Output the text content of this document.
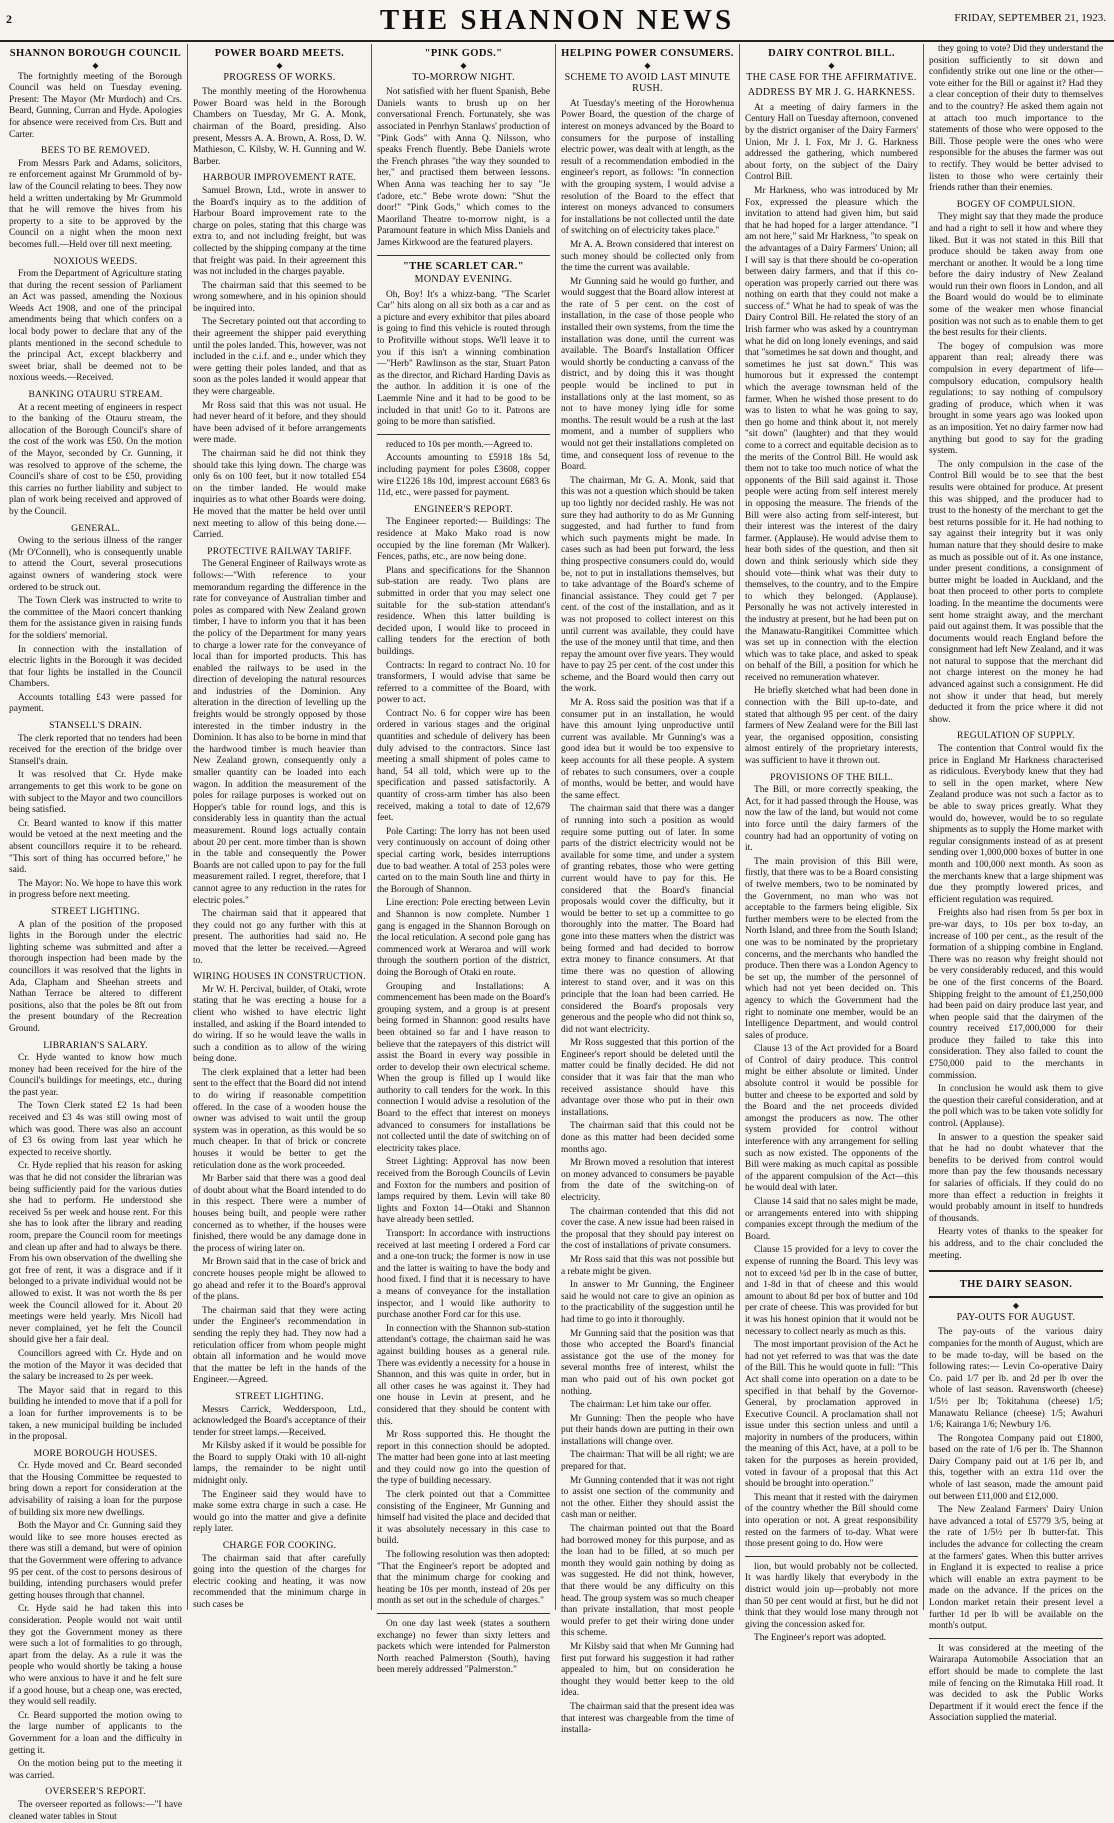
2	THE SHANNON NEWS	FRIDAY, SEPTEMBER 21, 1923.
SHANNON BOROUGH COUNCIL
◆

The fortnightly meeting of the Borough Council was held on Tuesday evening. Present: The Mayor (Mr Murdoch) and Crs. Beard, Gunning, Curran and Hyde. Apologies for absence were received from Crs. Butt and Carter.

BEES TO BE REMOVED.

From Messrs Park and Adams, solicitors, re enforcement against Mr Grummold of by-law of the Council relating to bees. They now held a written undertaking by Mr Grummold that he will remove the hives from his property to a site to be approved by the Council on a night when the moon next becomes full.—Held over till next meeting.

NOXIOUS WEEDS.

From the Department of Agriculture stating that during the recent session of Parliament an Act was passed, amending the Noxious Weeds Act 1908, and one of the principal amendments being that which confers on a local body power to declare that any of the plants mentioned in the second schedule to the principal Act, except blackberry and sweet briar, shall be deemed not to be noxious weeds.—Received.

BANKING OTAURU STREAM.

At a recent meeting of engineers in respect to the banking of the Otauru stream, the allocation of the Borough Council's share of the cost of the work was £50. On the motion of the Mayor, seconded by Cr. Gunning, it was resolved to approve of the scheme, the Council's share of cost to be £50, providing this carries no further liability and subject to plan of work being received and approved of by the Council.

GENERAL.

Owing to the serious illness of the ranger (Mr O'Connell), who is consequently unable to attend the Court, several prosecutions against owners of wandering stock were ordered to be struck out.

The Town Clerk was instructed to write to the committee of the Maori concert thanking them for the assistance given in raising funds for the soldiers' memorial.

In connection with the installation of electric lights in the Borough it was decided that four lights be installed in the Council Chambers.

Accounts totalling £43 were passed for payment.

STANSELL'S DRAIN.

The clerk reported that no tenders had been received for the erection of the bridge over Stansell's drain.

It was resolved that Cr. Hyde make arrangements to get this work to be gone on with subject to the Mayor and two councillors being satisfied.

Cr. Beard wanted to know if this matter would be vetoed at the next meeting and the absent councillors require it to be reheard. "This sort of thing has occurred before," he said.

The Mayor: No. We hope to have this work in progress before next meeting.

STREET LIGHTING.

A plan of the position of the proposed lights in the Borough under the electric lighting scheme was submitted and after a thorough inspection had been made by the councillors it was resolved that the lights in Ada, Clapham and Sheehan streets and Nathan Terrace be altered to different positions, also that the poles be 8ft out from the present boundary of the Recreation Ground.

LIBRARIAN'S SALARY.

Cr. Hyde wanted to know how much money had been received for the hire of the Council's buildings for meetings, etc., during the past year.

The Town Clerk stated £2 1s had been received and £3 4s was still owing most of which was good. There was also an account of £3 6s owing from last year which he expected to receive shortly.

Cr. Hyde replied that his reason for asking was that he did not consider the librarian was being sufficiently paid for the various duties she had to perform. He understood she received 5s per week and house rent. For this she has to look after the library and reading room, prepare the Council room for meetings and clean up after and had to always be there. From his own observation of the dwelling she got free of rent, it was a disgrace and if it belonged to a private individual would not be allowed to exist. It was not worth the 8s per week the Council allowed for it. About 20 meetings were held yearly. Mrs Nicoll had never complained, yet he felt the Council should give her a fair deal.

Councillors agreed with Cr. Hyde and on the motion of the Mayor it was decided that the salary be increased to 2s per week.

The Mayor said that in regard to this building he intended to move that if a poll for a loan for further improvements is to be taken, a new municipal building be included in the proposal.

MORE BOROUGH HOUSES.

Cr. Hyde moved and Cr. Beard seconded that the Housing Committee be requested to bring down a report for consideration at the advisability of raising a loan for the purpose of building six more new dwellings.

Both the Mayor and Cr. Gunning said they would like to see more houses erected as there was still a demand, but were of opinion that the Government were offering to advance 95 per cent. of the cost to persons desirous of building, intending purchasers would prefer getting houses through that channel.

Cr. Hyde said he had taken this into consideration. People would not wait until they got the Government money as there were such a lot of formalities to go through, apart from the delay. As a rule it was the people who would shortly be taking a house who were anxious to have it and he felt sure if a good house, but a cheap one, was erected, they would sell readily.

Cr. Beard supported the motion owing to the large number of applicants to the Government for a loan and the difficulty in getting it.

On the motion being put to the meeting it was carried.

OVERSEER'S REPORT.

The overseer reported as follows:—"I have cleaned water tables in Stout

POWER BOARD MEETS.
◆
PROGRESS OF WORKS.

The monthly meeting of the Horowhenua Power Board was held in the Borough Chambers on Tuesday, Mr G. A. Monk, chairman of the Board, presiding. Also present, Messrs A. A. Brown, A. Ross, D. W. Mathieson, C. Kilsby, W. H. Gunning and W. Barber.

HARBOUR IMPROVEMENT RATE.

Samuel Brown, Ltd., wrote in answer to the Board's inquiry as to the addition of Harbour Board improvement rate to the charge on poles, stating that this charge was extra to, and not including freight, but was collected by the shipping company at the time that freight was paid. In their agreement this was not included in the charges payable.

The chairman said that this seemed to be wrong somewhere, and in his opinion should be inquired into.

The Secretary pointed out that according to their agreement the shipper paid everything until the poles landed. This, however, was not included in the c.i.f. and e., under which they were getting their poles landed, and that as soon as the poles landed it would appear that they were chargeable.

Mr Ross said that this was not usual. He had never heard of it before, and they should have been advised of it before arrangements were made.

The chairman said he did not think they should take this lying down. The charge was only 6s on 100 feet, but it now totalled £54 on the timber landed. He would make inquiries as to what other Boards were doing. He moved that the matter be held over until next meeting to allow of this being done.—Carried.

PROTECTIVE RAILWAY TARIFF.

The General Engineer of Railways wrote as follows:—"With reference to your memorandum regarding the difference in the rate for conveyance of Australian timber and poles as compared with New Zealand grown timber, I have to inform you that it has been the policy of the Department for many years to charge a lower rate for the conveyance of local than for imported products. This has enabled the railways to be used in the direction of developing the natural resources and industries of the Dominion. Any alteration in the direction of levelling up the freights would be strongly opposed by those interested in the timber industry in the Dominion. It has also to be borne in mind that the hardwood timber is much heavier than New Zealand grown, consequently only a smaller quantity can be loaded into each wagon. In addition the measurement of the poles for railage purposes is worked out on Hopper's table for round logs, and this is considerably less in quantity than the actual measurement. Round logs actually contain about 20 per cent. more timber than is shown in the table and consequently the Power Boards are not called upon to pay for the full measurement railed. I regret, therefore, that I cannot agree to any reduction in the rates for electric poles."

The chairman said that it appeared that they could not go any further with this at present. The authorities had said no. He moved that the letter be received.—Agreed to.

WIRING HOUSES IN CONSTRUCTION.

Mr W. H. Percival, builder, of Otaki, wrote stating that he was erecting a house for a client who wished to have electric light installed, and asking if the Board intended to do wiring. If so he would leave the walls in such a condition as to allow of the wiring being done.

The clerk explained that a letter had been sent to the effect that the Board did not intend to do wiring if reasonable competition offered. In the case of a wooden house the owner was advised to wait until the group system was in operation, as this would be so much cheaper. In that of brick or concrete houses it would be better to get the reticulation done as the work proceeded.

Mr Barber said that there was a good deal of doubt about what the Board intended to do in this respect. There were a number of houses being built, and people were rather concerned as to whether, if the houses were finished, there would be any damage done in the process of wiring later on.

Mr Brown said that in the case of brick and concrete houses people might be allowed to go ahead and refer it to the Board's approval of the plans.

The chairman said that they were acting under the Engineer's recommendation in sending the reply they had. They now had a reticulation officer from whom people might obtain all information and he would move that the matter be left in the hands of the Engineer.—Agreed.

STREET LIGHTING.

Messrs Carrick, Wedderspoon, Ltd., acknowledged the Board's acceptance of their tender for street lamps.—Received.

Mr Kilsby asked if it would be possible for the Board to supply Otaki with 10 all-night lamps, the remainder to be night until midnight only.

The Engineer said they would have to make some extra charge in such a case. He would go into the matter and give a definite reply later.

CHARGE FOR COOKING.

The chairman said that after carefully going into the question of the charges for electric cooking and heating, it was now recommended that the minimum charge in such cases be

"PINK GODS."
◆
TO-MORROW NIGHT.

Not satisfied with her fluent Spanish, Bebe Daniels wants to brush up on her conversational French. Fortunately, she was associated in Penrhyn Stanlaws' production of "Pink Gods" with Anna Q. Nilsson, who speaks French fluently. Bebe Daniels wrote the French phrases "the way they sounded to her," and practised them between lessons. When Anna was teaching her to say "Je t'adore, etc." Bebe wrote down: "Shut the door!" "Pink Gods," which comes to the Maoriland Theatre to-morrow night, is a Paramount feature in which Miss Daniels and James Kirkwood are the featured players.

"THE SCARLET CAR."
MONDAY EVENING.

Oh, Boy! It's a whizz-bang. "The Scarlet Car" hits along on all six both as a car and as a picture and every exhibitor that piles aboard is going to find this vehicle is routed through to Profitville without stops. We'll leave it to you if this isn't a winning combination—"Herb" Rawlinson as the star, Stuart Paton as the director, and Richard Harding Davis as the author. In addition it is one of the Laemmle Nine and it had to be good to be included in that unit! Go to it. Patrons are going to be more than satisfied.

reduced to 10s per month.—Agreed to.

Accounts amounting to £5918 18s 5d, including payment for poles £3608, copper wire £1226 18s 10d, imprest account £683 6s 11d, etc., were passed for payment.

ENGINEER'S REPORT.

The Engineer reported:— Buildings: The residence at Mako Mako road is now occupied by the line foreman (Mr Walker). Fences, paths, etc., are now being done.

Plans and specifications for the Shannon sub-station are ready. Two plans are submitted in order that you may select one suitable for the sub-station attendant's residence. When this latter building is decided upon, I would like to proceed in calling tenders for the erection of both buildings.

Contracts: In regard to contract No. 10 for transformers, I would advise that same be referred to a committee of the Board, with power to act.

Contract No. 6 for copper wire has been ordered in various stages and the original quantities and schedule of delivery has been duly advised to the contractors. Since last meeting a small shipment of poles came to hand, 54 all told, which were up to the specification and passed satisfactorily. A quantity of cross-arm timber has also been received, making a total to date of 12,679 feet.

Pole Carting: The lorry has not been used very continuously on account of doing other special carting work, besides interruptions due to bad weather. A total of 253 poles were carted on to the main South line and thirty in the Borough of Shannon.

Line erection: Pole erecting between Levin and Shannon is now complete. Number 1 gang is engaged in the Shannon Borough on the local reticulation. A second pole gang has commenced work at Weraroa and will work through the southern portion of the district, doing the Borough of Otaki en route.

Grouping and Installations: A commencement has been made on the Board's grouping system, and a group is at present being formed in Shannon: good results have been obtained so far and I have reason to believe that the ratepayers of this district will assist the Board in every way possible in order to develop their own electrical scheme. When the group is filled up I would like authority to call tenders for the work. In this connection I would advise a resolution of the Board to the effect that interest on moneys advanced to consumers for installations be not collected until the date of switching on of electricity takes place.

Street Lighting: Approval has now been received from the Borough Councils of Levin and Foxton for the numbers and position of lamps required by them. Levin will take 80 lights and Foxton 14—Otaki and Shannon have already been settled.

Transport: In accordance with instructions received at last meeting I ordered a Ford car and a one-ton truck; the former is now in use and the latter is waiting to have the body and hood fixed. I find that it is necessary to have a means of conveyance for the installation inspector, and I would like authority to purchase another Ford car for this use.

In connection with the Shannon sub-station attendant's cottage, the chairman said he was against building houses as a general rule. There was evidently a necessity for a house in Shannon, and this was quite in order, but in all other cases he was against it. They had one house in Levin at present, and he considered that they should be content with this.

Mr Ross supported this. He thought the report in this connection should be adopted. The matter had been gone into at last meeting and they could now go into the question of the type of building necessary.

The clerk pointed out that a Committee consisting of the Engineer, Mr Gunning and himself had visited the place and decided that it was absolutely necessary in this case to build.

The following resolution was then adopted: "That the Engineer's report be adopted and that the minimum charge for cooking and heating be 10s per month, instead of 20s per month as set out in the schedule of charges."

On one day last week (states a southern exchange) no fewer than sixty letters and packets which were intended for Palmerston North reached Palmerston (South), having been merely addressed "Palmerston."

HELPING POWER CONSUMERS.
◆
SCHEME TO AVOID LAST MINUTE RUSH.

At Tuesday's meeting of the Horowhenua Power Board, the question of the charge of interest on moneys advanced by the Board to consumers for the purpose of installing electric power, was dealt with at length, as the result of a recommendation embodied in the engineer's report, as follows: "In connection with the grouping system, I would advise a resolution of the Board to the effect that interest on moneys advanced to consumers for installations be not collected until the date of switching on of electricity takes place."

Mr A. A. Brown considered that interest on such money should be collected only from the time the current was available.

Mr Gunning said he would go further, and would suggest that the Board allow interest at the rate of 5 per cent. on the cost of installation, in the case of those people who installed their own systems, from the time the installation was done, until the current was available. The Board's Installation Officer would shortly be conducting a canvass of the district, and by doing this it was thought people would be inclined to put in installations only at the last moment, so as not to have money lying idle for some months. The result would be a rush at the last moment, and a number of suppliers who would not get their installations completed on time, and consequent loss of revenue to the Board.

The chairman, Mr G. A. Monk, said that this was not a question which should be taken up too lightly nor decided rashly. He was not sure they had authority to do as Mr Gunning suggested, and had further to fund from which such payments might be made. In cases such as had been put forward, the less thing prospective consumers could do, would be, not to put in installations themselves, but to take advantage of the Board's scheme of financial assistance. They could get 7 per cent. of the cost of the installation, and as it was not proposed to collect interest on this until current was available, they could have the use of the money until that time, and then repay the amount over five years. They would have to pay 25 per cent. of the cost under this scheme, and the Board would then carry out the work.

Mr A. Ross said the position was that if a consumer put in an installation, he would have this amount lying unproductive until current was available. Mr Gunning's was a good idea but it would be too expensive to keep accounts for all these people. A system of rebates to such consumers, over a couple of months, would be better, and would have the same effect.

The chairman said that there was a danger of running into such a position as would require some putting out of later. In some parts of the district electricity would not be available for some time, and under a system of granting rebates, those who were getting current would have to pay for this. He considered that the Board's financial proposals would cover the difficulty, but it would be better to set up a committee to go thoroughly into the matter. The Board had gone into these matters when the district was being formed and had decided to borrow extra money to finance consumers. At that time there was no question of allowing interest to stand over, and it was on this principle that the loan had been carried. He considered the Board's proposals very generous and the people who did not think so, did not want electricity.

Mr Ross suggested that this portion of the Engineer's report should be deleted until the matter could be finally decided. He did not consider that it was fair that the man who received assistance should have this advantage over those who put in their own installations.

The chairman said that this could not be done as this matter had been decided some months ago.

Mr Brown moved a resolution that interest on money advanced to consumers be payable from the date of the switching-on of electricity.

The chairman contended that this did not cover the case. A new issue had been raised in the proposal that they should pay interest on the cost of installations of private consumers.

Mr Ross said that this was not possible but a rebate might be given.

In answer to Mr Gunning, the Engineer said he would not care to give an opinion as to the practicability of the suggestion until he had time to go into it thoroughly.

Mr Gunning said that the position was that those who accepted the Board's financial assistance got the use of the money for several months free of interest, whilst the man who paid out of his own pocket got nothing.

The chairman: Let him take our offer.

Mr Gunning: Then the people who have put their hands down are putting in their own installations will change over.

The chairman: That will be all right; we are prepared for that.

Mr Gunning contended that it was not right to assist one section of the community and not the other. Either they should assist the cash man or neither.

The chairman pointed out that the Board had borrowed money for this purpose, and as the loan had to be filled, at so much per month they would gain nothing by doing as was suggested. He did not think, however, that there would be any difficulty on this head. The group system was so much cheaper than private installation, that most people would prefer to get their wiring done under this scheme.

Mr Kilsby said that when Mr Gunning had first put forward his suggestion it had rather appealed to him, but on consideration he thought they would better keep to the old idea.

The chairman said that the present idea was that interest was chargeable from the time of installa-

DAIRY CONTROL BILL.
◆
THE CASE FOR THE AFFIRMATIVE.
ADDRESS BY MR J. G. HARKNESS.

At a meeting of dairy farmers in the Century Hall on Tuesday afternoon, convened by the district organiser of the Dairy Farmers' Union, Mr J. I. Fox, Mr J. G. Harkness addressed the gathering, which numbered about forty, on the subject of the Dairy Control Bill.

Mr Harkness, who was introduced by Mr Fox, expressed the pleasure which the invitation to attend had given him, but said that he had hoped for a larger attendance. "I am not here," said Mr Harkness, "to speak on the advantages of a Dairy Farmers' Union; all I will say is that there should be co-operation between dairy farmers, and that if this co-operation was properly carried out there was nothing on earth that they could not make a success of." What he had to speak of was the Dairy Control Bill. He related the story of an Irish farmer who was asked by a countryman what he did on long lonely evenings, and said that "sometimes he sat down and thought, and sometimes he just sat down." This was humorous but it expressed the contempt which the average townsman held of the farmer. When he wished those present to do was to listen to what he was going to say, then go home and think about it, not merely "sit down" (laughter) and that they would come to a correct and equitable decision as to the merits of the Control Bill. He would ask them not to take too much notice of what the opponents of the Bill said against it. Those people were acting from self interest merely in opposing the measure. The friends of the Bill were also acting from self-interest, but their interest was the interest of the dairy farmer. (Applause). He would advise them to hear both sides of the question, and then sit down and think seriously which side they should vote—think what was their duty to themselves, to the country, and to the Empire to which they belonged. (Applause). Personally he was not actively interested in the industry at present, but he had been put on the Manawatu-Rangitikei Committee which was set up in connection with the election which was to take place, and asked to speak on behalf of the Bill, a position for which he received no remuneration whatever.

He briefly sketched what had been done in connection with the Bill up-to-date, and stated that although 95 per cent. of the dairy farmers of New Zealand were for the Bill last year, the organised opposition, consisting almost entirely of the proprietary interests, was sufficient to have it thrown out.

PROVISIONS OF THE BILL.

The Bill, or more correctly speaking, the Act, for it had passed through the House, was now the law of the land, but would not come into force until the dairy farmers of the country had had an opportunity of voting on it.

The main provision of this Bill were, firstly, that there was to be a Board consisting of twelve members, two to be nominated by the Government, no man who was not acceptable to the farmers being eligible. Six further members were to be elected from the North Island, and three from the South Island; one was to be nominated by the proprietary concerns, and the merchants who handled the produce. Then there was a London Agency to be set up, the number of the personnel of which had not yet been decided on. This agency to which the Government had the right to nominate one member, would be an Intelligence Department, and would control sales of produce.

Clause 13 of the Act provided for a Board of Control of dairy produce. This control might be either absolute or limited. Under absolute control it would be possible for butter and cheese to be exported and sold by the Board and the net proceeds divided amongst the producers as now. The other system provided for control without interference with any arrangement for selling such as now existed. The opponents of the Bill were making as much capital as possible of the apparent compulsion of the Act—this he would deal with later.

Clause 14 said that no sales might be made, or arrangements entered into with shipping companies except through the medium of the Board.

Clause 15 provided for a levy to cover the expense of running the Board. This levy was not to exceed ¼d per lb in the case of butter, and 1-8d in that of cheese and this would amount to about 8d per box of butter and 10d per crate of cheese. This was provided for but it was his honest opinion that it would not be necessary to collect nearly as much as this.

The most important provision of the Act he had not yet referred to was that was the date of the Bill. This he would quote in full: "This Act shall come into operation on a date to be specified in that behalf by the Governor-General, by proclamation approved in Executive Council. A proclamation shall not issue under this section unless and until a majority in numbers of the producers, within the meaning of this Act, have, at a poll to be taken for the purposes as herein provided, voted in favour of a proposal that this Act should be brought into operation."

This meant that it rested with the dairymen of the country whether the Bill should come into operation or not. A great responsibility rested on the farmers of to-day. What were those present going to do. How were

lion, but would probably not be collected. It was hardly likely that everybody in the district would join up—probably not more than 50 per cent would at first, but he did not think that they would lose many through not giving the concession asked for.

The Engineer's report was adopted.

they going to vote? Did they understand the position sufficiently to sit down and confidently strike out one line or the other—vote either for the Bill or against it? Had they a clear conception of their duty to themselves and to the country? He asked them again not at attach too much importance to the statements of those who were opposed to the Bill. Those people were the ones who were responsible for the abuses the farmer was out to rectify. They would be better advised to listen to those who were certainly their friends rather than their enemies.

BOGEY OF COMPULSION.

They might say that they made the produce and had a right to sell it how and where they liked. But it was not stated in this Bill that produce should be taken away from one merchant or another. It would be a long time before the dairy industry of New Zealand would run their own floors in London, and all the Board would do would be to eliminate some of the weaker men whose financial position was not such as to enable them to get the best results for their clients.

The bogey of compulsion was more apparent than real; already there was compulsion in every department of life—compulsory education, compulsory health regulations; to say nothing of compulsory grading of produce, which when it was brought in some years ago was looked upon as an imposition. Yet no dairy farmer now had anything but good to say for the grading system.

The only compulsion in the case of the Control Bill would be to see that the best results were obtained for produce. At present this was shipped, and the producer had to trust to the honesty of the merchant to get the best returns possible for it. He had nothing to say against their integrity but it was only human nature that they should desire to make as much as possible out of it. As one instance, under present conditions, a consignment of butter might be loaded in Auckland, and the boat then proceed to other ports to complete loading. In the meantime the documents were sent home straight away, and the merchant paid out against them. It was possible that the documents would reach England before the consignment had left New Zealand, and it was not natural to suppose that the merchant did not charge interest on the money he had advanced against such a consignment. He did not show it under that head, but merely deducted it from the price where it did not show.

REGULATION OF SUPPLY.

The contention that Control would fix the price in England Mr Harkness characterised as ridiculous. Everybody knew that they had to sell in the open market, where New Zealand produce was not such a factor as to be able to sway prices greatly. What they would do, however, would be to so regulate shipments as to supply the Home market with regular consignments instead of as at present sending over 1,000,000 boxes of butter in one month and 100,000 next month. As soon as the merchants knew that a large shipment was due they promptly lowered prices, and efficient regulation was required.

Freights also had risen from 5s per box in pre-war days, to 10s per box to-day, an increase of 100 per cent., as the result of the formation of a shipping combine in England. There was no reason why freight should not be very considerably reduced, and this would be one of the first concerns of the Board. Shipping freight to the amount of £1,250,000 had been paid on dairy produce last year, and when people said that the dairymen of the country received £17,000,000 for their produce they failed to take this into consideration. They also failed to count the £750,000 paid to the merchants in commission.

In conclusion he would ask them to give the question their careful consideration, and at the poll which was to be taken vote solidly for control. (Applause).

In answer to a question the speaker said that he had no doubt whatever that the benefits to be derived from control would more than pay the few thousands necessary for salaries of officials. If they could do no more than effect a reduction in freights it would probably amount in itself to hundreds of thousands.

Hearty votes of thanks to the speaker for his address, and to the chair concluded the meeting.

THE DAIRY SEASON.
◆
PAY-OUTS FOR AUGUST.

The pay-outs of the various dairy companies for the month of August, which are to be made to-day, will be based on the following rates:— Levin Co-operative Dairy Co. paid 1/7 per lb. and 2d per lb over the whole of last season. Ravensworth (cheese) 1/5½ per lb; Tokitahuna (cheese) 1/5; Manawatu Reliance (cheese) 1/5; Awahuri 1/6; Kairanga 1/6; Newbury 1/6.

The Rongotea Company paid out £1800, based on the rate of 1/6 per lb. The Shannon Dairy Company paid out at 1/6 per lb, and this, together with an extra 11d over the whole of last season, made the amount paid out between £11,000 and £12,000.

The New Zealand Farmers' Dairy Union have advanced a total of £5779 3/5, being at the rate of 1/5½ per lb butter-fat. This includes the advance for collecting the cream at the farmers' gates. When this butter arrives in England it is expected to realise a price which will enable an extra payment to be made on the advance. If the prices on the London market retain their present level a further 1d per lb will be available on the month's output.

It was considered at the meeting of the Wairarapa Automobile Association that an effort should be made to complete the last mile of fencing on the Rimutaka Hill road. It was decided to ask the Public Works Department if it would erect the fence if the Association supplied the material.
